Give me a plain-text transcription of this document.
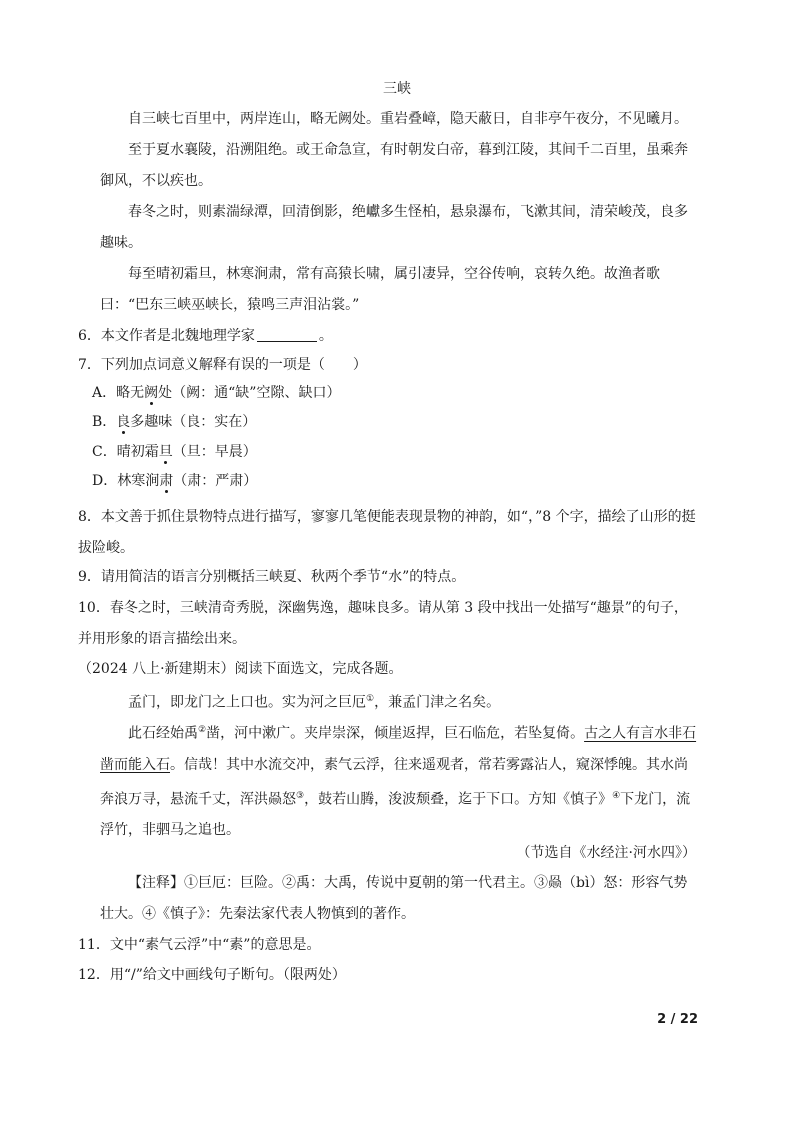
三峡
自三峡七百里中，两岸连山，略无阙处。重岩叠嶂，隐天蔽日，自非亭午夜分，不见曦月。
至于夏水襄陵，沿溯阻绝。或王命急宣，有时朝发白帝，暮到江陵，其间千二百里，虽乘奔御风，不以疾也。
春冬之时，则素湍绿潭，回清倒影，绝巘多生怪柏，悬泉瀑布，飞漱其间，清荣峻茂，良多趣味。
每至晴初霜旦，林寒涧肃，常有高猿长啸，属引凄异，空谷传响，哀转久绝。故渔者歌曰：“巴东三峡巫峡长，猿鸣三声泪沾裳。”
6．本文作者是北魏地理学家	。
7．下列加点词意义解释有误的一项是（　　）
A．略无阙处（阙：通“缺”空隙、缺口）
B．良多趣味（良：实在）
C．晴初霜旦（旦：早晨）
D．林寒涧肃（肃：严肃）
8．本文善于抓住景物特点进行描写，寥寥几笔便能表现景物的神韵，如“，”8 个字，描绘了山形的挺拔险峻。
9．请用简洁的语言分别概括三峡夏、秋两个季节“水”的特点。
10．春冬之时，三峡清奇秀脱，深幽隽逸，趣味良多。请从第 3 段中找出一处描写“趣景”的句子，并用形象的语言描绘出来。
（2024 八上·新建期末）阅读下面选文，完成各题。
孟门，即龙门之上口也。实为河之巨厄①，兼孟门津之名矣。
此石经始禹②凿，河中漱广。夹岸崇深，倾崖返捍，巨石临危，若坠复倚。古之人有言水非石凿而能入石。信哉！其中水流交冲，素气云浮，往来遥观者，常若雾露沾人，窥深悸魄。其水尚奔浪万寻，悬流千丈，浑洪赑怒③，鼓若山腾，浚波颓叠，迄于下口。方知《慎子》④下龙门，流浮竹，非驷马之追也。
（节选自《水经注·河水四》）
【注释】①巨厄：巨险。②禹：大禹，传说中夏朝的第一代君主。③赑（bì）怒：形容气势壮大。④《慎子》：先秦法家代表人物慎到的著作。
11．文中“素气云浮”中“素”的意思是。
12．用“/”给文中画线句子断句。（限两处）
2 / 22
